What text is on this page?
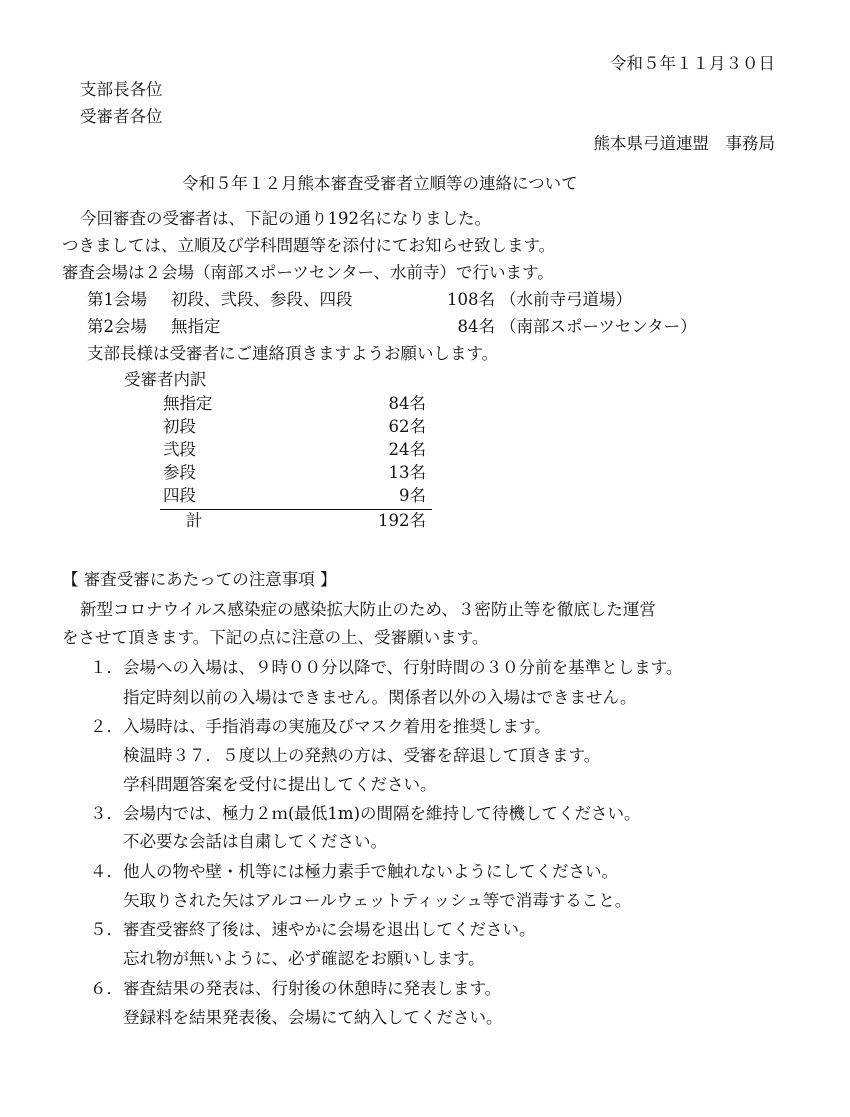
令和５年１１月３０日
支部長各位
受審者各位
熊本県弓道連盟　事務局
令和５年１２月熊本審査受審者立順等の連絡について
今回審査の受審者は、下記の通り192名になりました。
つきましては、立順及び学科問題等を添付にてお知らせ致します。
審査会場は２会場（南部スポーツセンター、水前寺）で行います。
第1会場 初段、弐段、参段、四段	108名 （水前寺弓道場）
第2会場 無指定	84名 （南部スポーツセンター）
支部長様は受審者にご連絡頂きますようお願いします。
受審者内訳
無指定	84名
初段	62名
弐段	24名
参段	13名
四段	9名
計	192名
【 審査受審にあたっての注意事項 】
新型コロナウイルス感染症の感染拡大防止のため、３密防止等を徹底した運営
をさせて頂きます。下記の点に注意の上、受審願います。
１． 会場への入場は、９時００分以降で、行射時間の３０分前を基準とします。
指定時刻以前の入場はできません。関係者以外の入場はできません。
２． 入場時は、手指消毒の実施及びマスク着用を推奨します。
検温時３７．５度以上の発熱の方は、受審を辞退して頂きます。
学科問題答案を受付に提出してください。
３． 会場内では、極力２ｍ(最低1m)の間隔を維持して待機してください。
不必要な会話は自粛してください。
４． 他人の物や壁・机等には極力素手で触れないようにしてください。
矢取りされた矢はアルコールウェットティッシュ等で消毒すること。
５． 審査受審終了後は、速やかに会場を退出してください。
忘れ物が無いように、必ず確認をお願いします。
６． 審査結果の発表は、行射後の休憩時に発表します。
登録料を結果発表後、会場にて納入してください。
